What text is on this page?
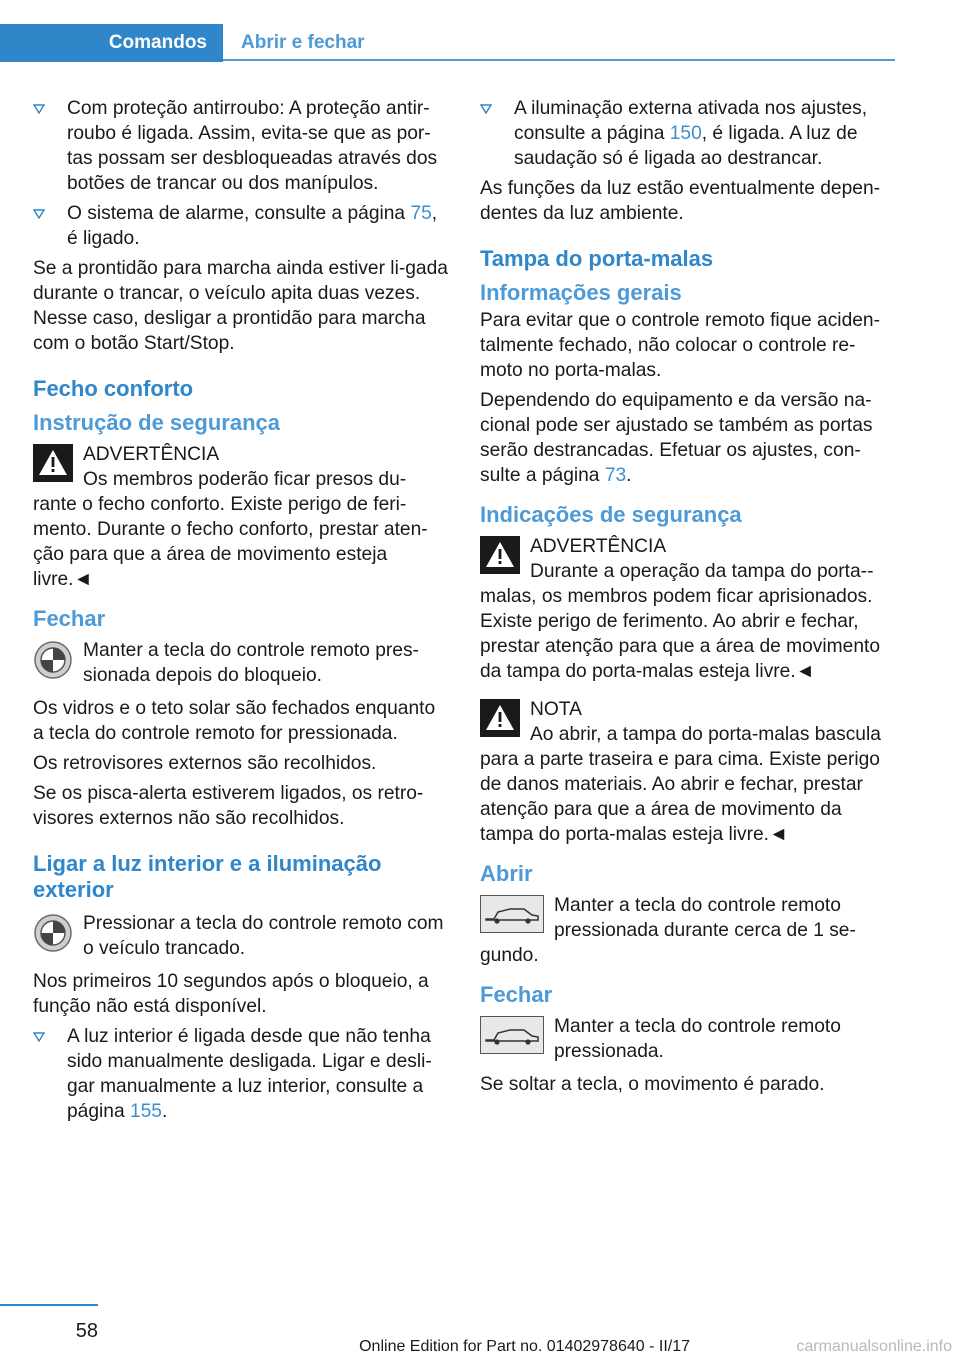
Comandos	Abrir e fechar
Com proteção antirroubo: A proteção antir‐roubo é ligada. Assim, evita-se que as por‐tas possam ser desbloqueadas através dos botões de trancar ou dos manípulos.
O sistema de alarme, consulte a página 75, é ligado.

Se a prontidão para marcha ainda estiver li‐gada durante o trancar, o veículo apita duas vezes. Nesse caso, desligar a prontidão para marcha com o botão Start/Stop.

Fecho conforto
Instrução de segurança
ADVERTÊNCIA
Os membros poderão ficar presos du‐rante o fecho conforto. Existe perigo de feri‐mento. Durante o fecho conforto, prestar aten‐ção para que a área de movimento esteja livre.◄
Fechar
Manter a tecla do controle remoto pres‐sionada depois do bloqueio.

Os vidros e o teto solar são fechados enquanto a tecla do controle remoto for pressionada.

Os retrovisores externos são recolhidos.

Se os pisca-alerta estiverem ligados, os retro‐visores externos não são recolhidos.

Ligar a luz interior e a iluminação exterior
Pressionar a tecla do controle remoto com o veículo trancado.

Nos primeiros 10 segundos após o bloqueio, a função não está disponível.

A luz interior é ligada desde que não tenha sido manualmente desligada. Ligar e desli‐gar manualmente a luz interior, consulte a página 155.
A iluminação externa ativada nos ajustes, consulte a página 150, é ligada. A luz de saudação só é ligada ao destrancar.

As funções da luz estão eventualmente depen‐dentes da luz ambiente.

Tampa do porta-malas
Informações gerais

Para evitar que o controle remoto fique aciden‐talmente fechado, não colocar o controle re‐moto no porta-malas.

Dependendo do equipamento e da versão na‐cional pode ser ajustado se também as portas serão destrancadas. Efetuar os ajustes, con‐sulte a página 73.

Indicações de segurança
ADVERTÊNCIA
Durante a operação da tampa do porta‐-malas, os membros podem ficar aprisionados. Existe perigo de ferimento. Ao abrir e fechar, prestar atenção para que a área de movimento da tampa do porta-malas esteja livre.◄
NOTA
Ao abrir, a tampa do porta-malas bascula para a parte traseira e para cima. Existe perigo de danos materiais. Ao abrir e fechar, prestar atenção para que a área de movimento da tampa do porta-malas esteja livre.◄
Abrir
Manter a tecla do controle remoto pressionada durante cerca de 1 se‐gundo.
Fechar
Manter a tecla do controle remoto pressionada.

Se soltar a tecla, o movimento é parado.

58
Online Edition for Part no. 01402978640 - II/17	carmanualsonline.info
